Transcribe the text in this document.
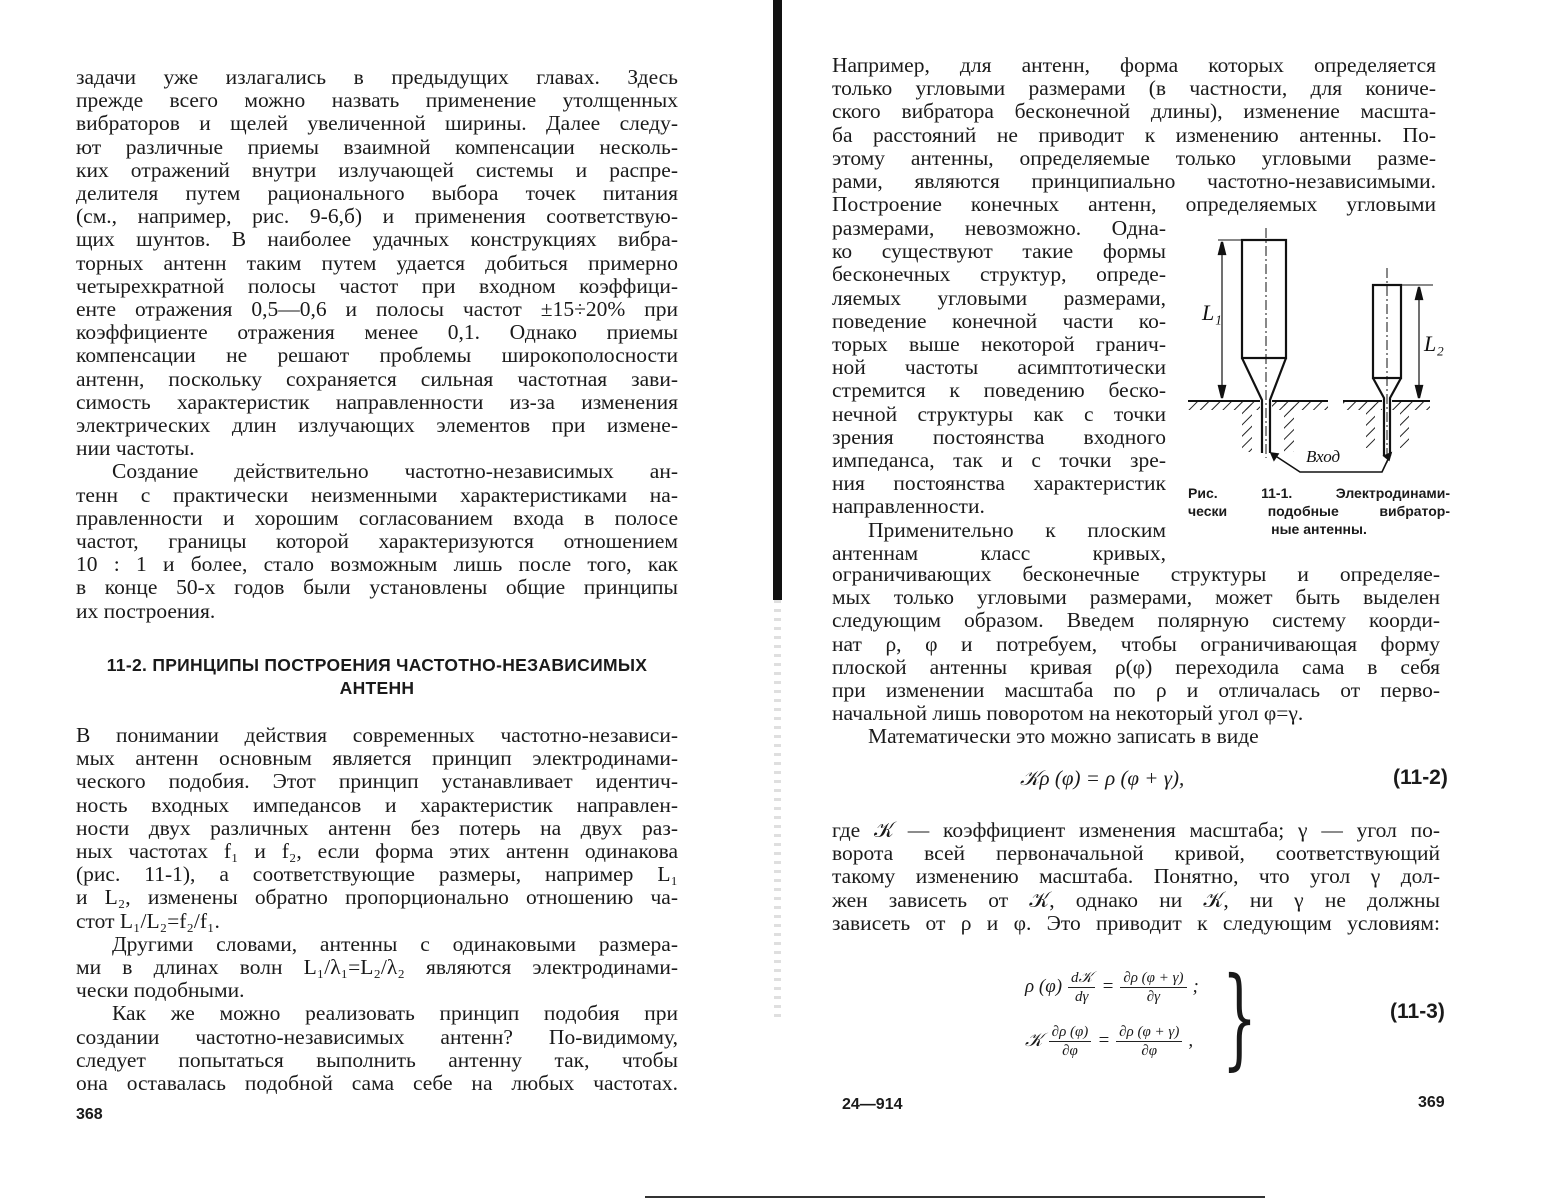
задачи уже излагались в предыдущих главах. Здесь
прежде всего можно назвать применение утолщенных
вибраторов и щелей увеличенной ширины. Далее следу-
ют различные приемы взаимной компенсации несколь-
ких отражений внутри излучающей системы и распре-
делителя путем рационального выбора точек питания
(см., например, рис. 9-6,б) и применения соответствую-
щих шунтов. В наиболее удачных конструкциях вибра-
торных антенн таким путем удается добиться примерно
четырехкратной полосы частот при входном коэффици-
енте отражения 0,5—0,6 и полосы частот ±15÷20% при
коэффициенте отражения менее 0,1. Однако приемы
компенсации не решают проблемы широкополосности
антенн, поскольку сохраняется сильная частотная зави-
симость характеристик направленности из-за изменения
электрических длин излучающих элементов при измене-
нии частоты.
Создание действительно частотно-независимых ан-
тенн с практически неизменными характеристиками на-
правленности и хорошим согласованием входа в полосе
частот, границы которой характеризуются отношением
10 : 1 и более, стало возможным лишь после того, как
в конце 50-х годов были установлены общие принципы
их построения.
11-2. ПРИНЦИПЫ ПОСТРОЕНИЯ ЧАСТОТНО-НЕЗАВИСИМЫХ
АНТЕНН
В понимании действия современных частотно-независи-
мых антенн основным является принцип электродинами-
ческого подобия. Этот принцип устанавливает идентич-
ность входных импедансов и характеристик направлен-
ности двух различных антенн без потерь на двух раз-
ных частотах f₁ и f₂, если форма этих антенн одинакова
(рис. 11-1), а соответствующие размеры, например L₁
и L₂, изменены обратно пропорционально отношению ча-
стот L₁/L₂=f₂/f₁.
Другими словами, антенны с одинаковыми размера-
ми в длинах волн L₁/λ₁=L₂/λ₂ являются электродинами-
чески подобными.
Как же можно реализовать принцип подобия при
создании частотно-независимых антенн? По-видимому,
следует попытаться выполнить антенну так, чтобы
она оставалась подобной сама себе на любых частотах.
368
Например, для антенн, форма которых определяется
только угловыми размерами (в частности, для кониче-
ского вибратора бесконечной длины), изменение масшта-
ба расстояний не приводит к изменению антенны. По-
этому антенны, определяемые только угловыми разме-
рами, являются принципиально частотно-независимыми.
Построение конечных антенн, определяемых угловыми
размерами, невозможно. Одна-
ко существуют такие формы
бесконечных структур, опреде-
ляемых угловыми размерами,
поведение конечной части ко-
торых выше некоторой гранич-
ной частоты асимптотически
стремится к поведению беско-
нечной структуры как с точки
зрения постоянства входного
импеданса, так и с точки зре-
ния постоянства характеристик
направленности.
Применительно к плоским
антеннам класс кривых,
ограничивающих бесконечные структуры и определяе-
мых только угловыми размерами, может быть выделен
следующим образом. Введем полярную систему коорди-
нат ρ, φ и потребуем, чтобы ограничивающая форму
плоской антенны кривая ρ(φ) переходила сама в себя
при изменении масштаба по ρ и отличалась от перво-
начальной лишь поворотом на некоторый угол φ=γ.
Математически это можно записать в виде
𝒦ρ (φ) = ρ (φ + γ),	(11-2)
где 𝒦 — коэффициент изменения масштаба; γ — угол по-
ворота всей первоначальной кривой, соответствующий
такому изменению масштаба. Понятно, что угол γ дол-
жен зависеть от 𝒦, однако ни 𝒦, ни γ не должны
зависеть от ρ и φ. Это приводит к следующим условиям:
ρ $(\varphi) \frac{\text{d𝒦}}{d\gamma} = \frac{\partial\rho (\varphi + \gamma)}{\partial\gamma}$ ;
𝒦 $\frac{\partial\rho (\varphi)}{\partial\varphi} = \frac{\partial\rho (\varphi + \gamma)}{\partial\varphi}$ , }	(11-3)
L₁
L₂
Вход
Рис. 11-1. Электродинами-
чески подобные вибратор-
ные антенны.
24—914	369
